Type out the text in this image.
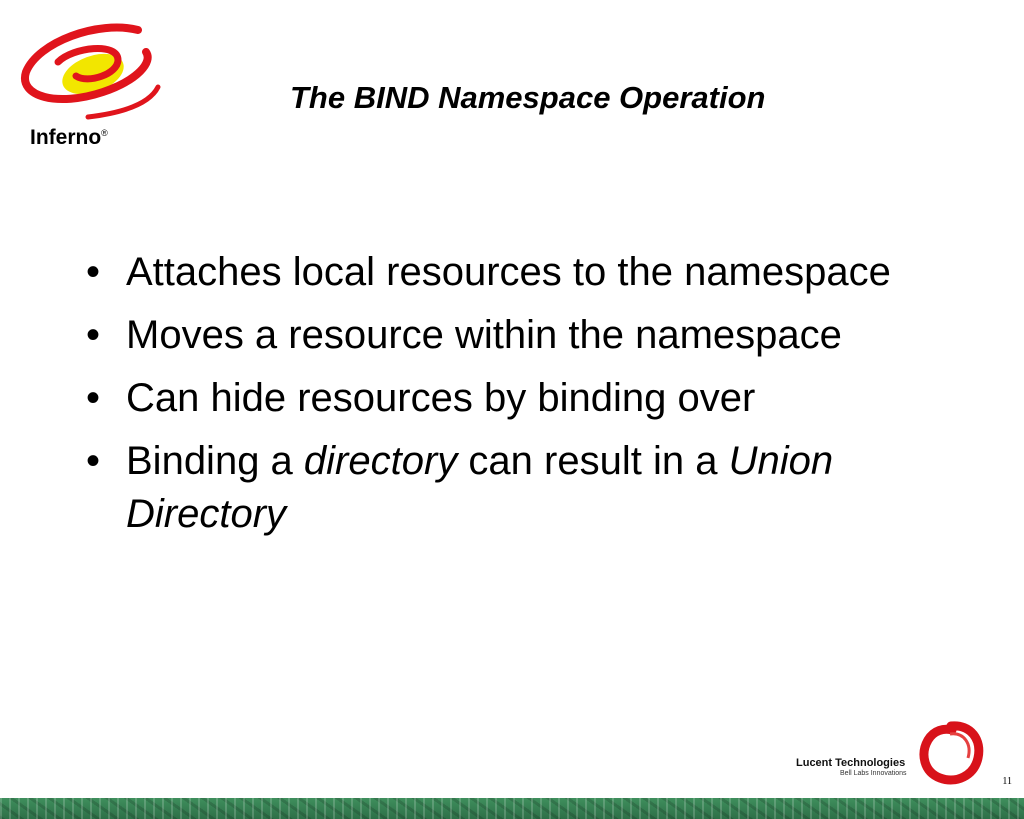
Inferno®
The BIND Namespace Operation
• Attaches local resources to the namespace
• Moves a resource within the namespace
• Can hide resources by binding over
• Binding a directory can result in a Union Directory
Lucent Technologies
Bell Labs Innovations
11
